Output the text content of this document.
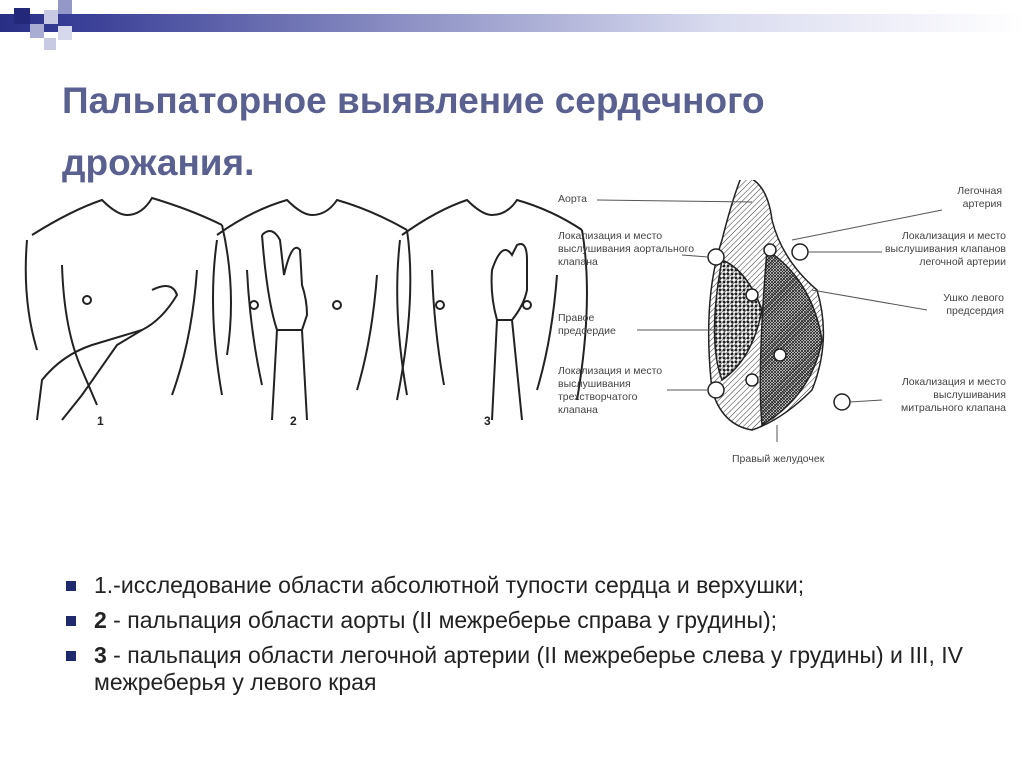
Пальпаторное выявление сердечного дрожания.
1	2	3
Аорта
Локализация и место выслушивания аортального клапана
Правое предсердие
Локализация и место выслушивания трехстворчатого клапана
Правый желудочек
Легочная артерия
Локализация и место выслушивания клапанов легочной артерии
Ушко левого предсердия
Локализация и место выслушивания митрального клапана
1.-исследование области абсолютной тупости сердца и верхушки;
2 - пальпация области аорты (II межреберье справа у грудины);
3 - пальпация области легочной артерии (II межреберье слева у грудины) и III, IV межреберья у левого края
